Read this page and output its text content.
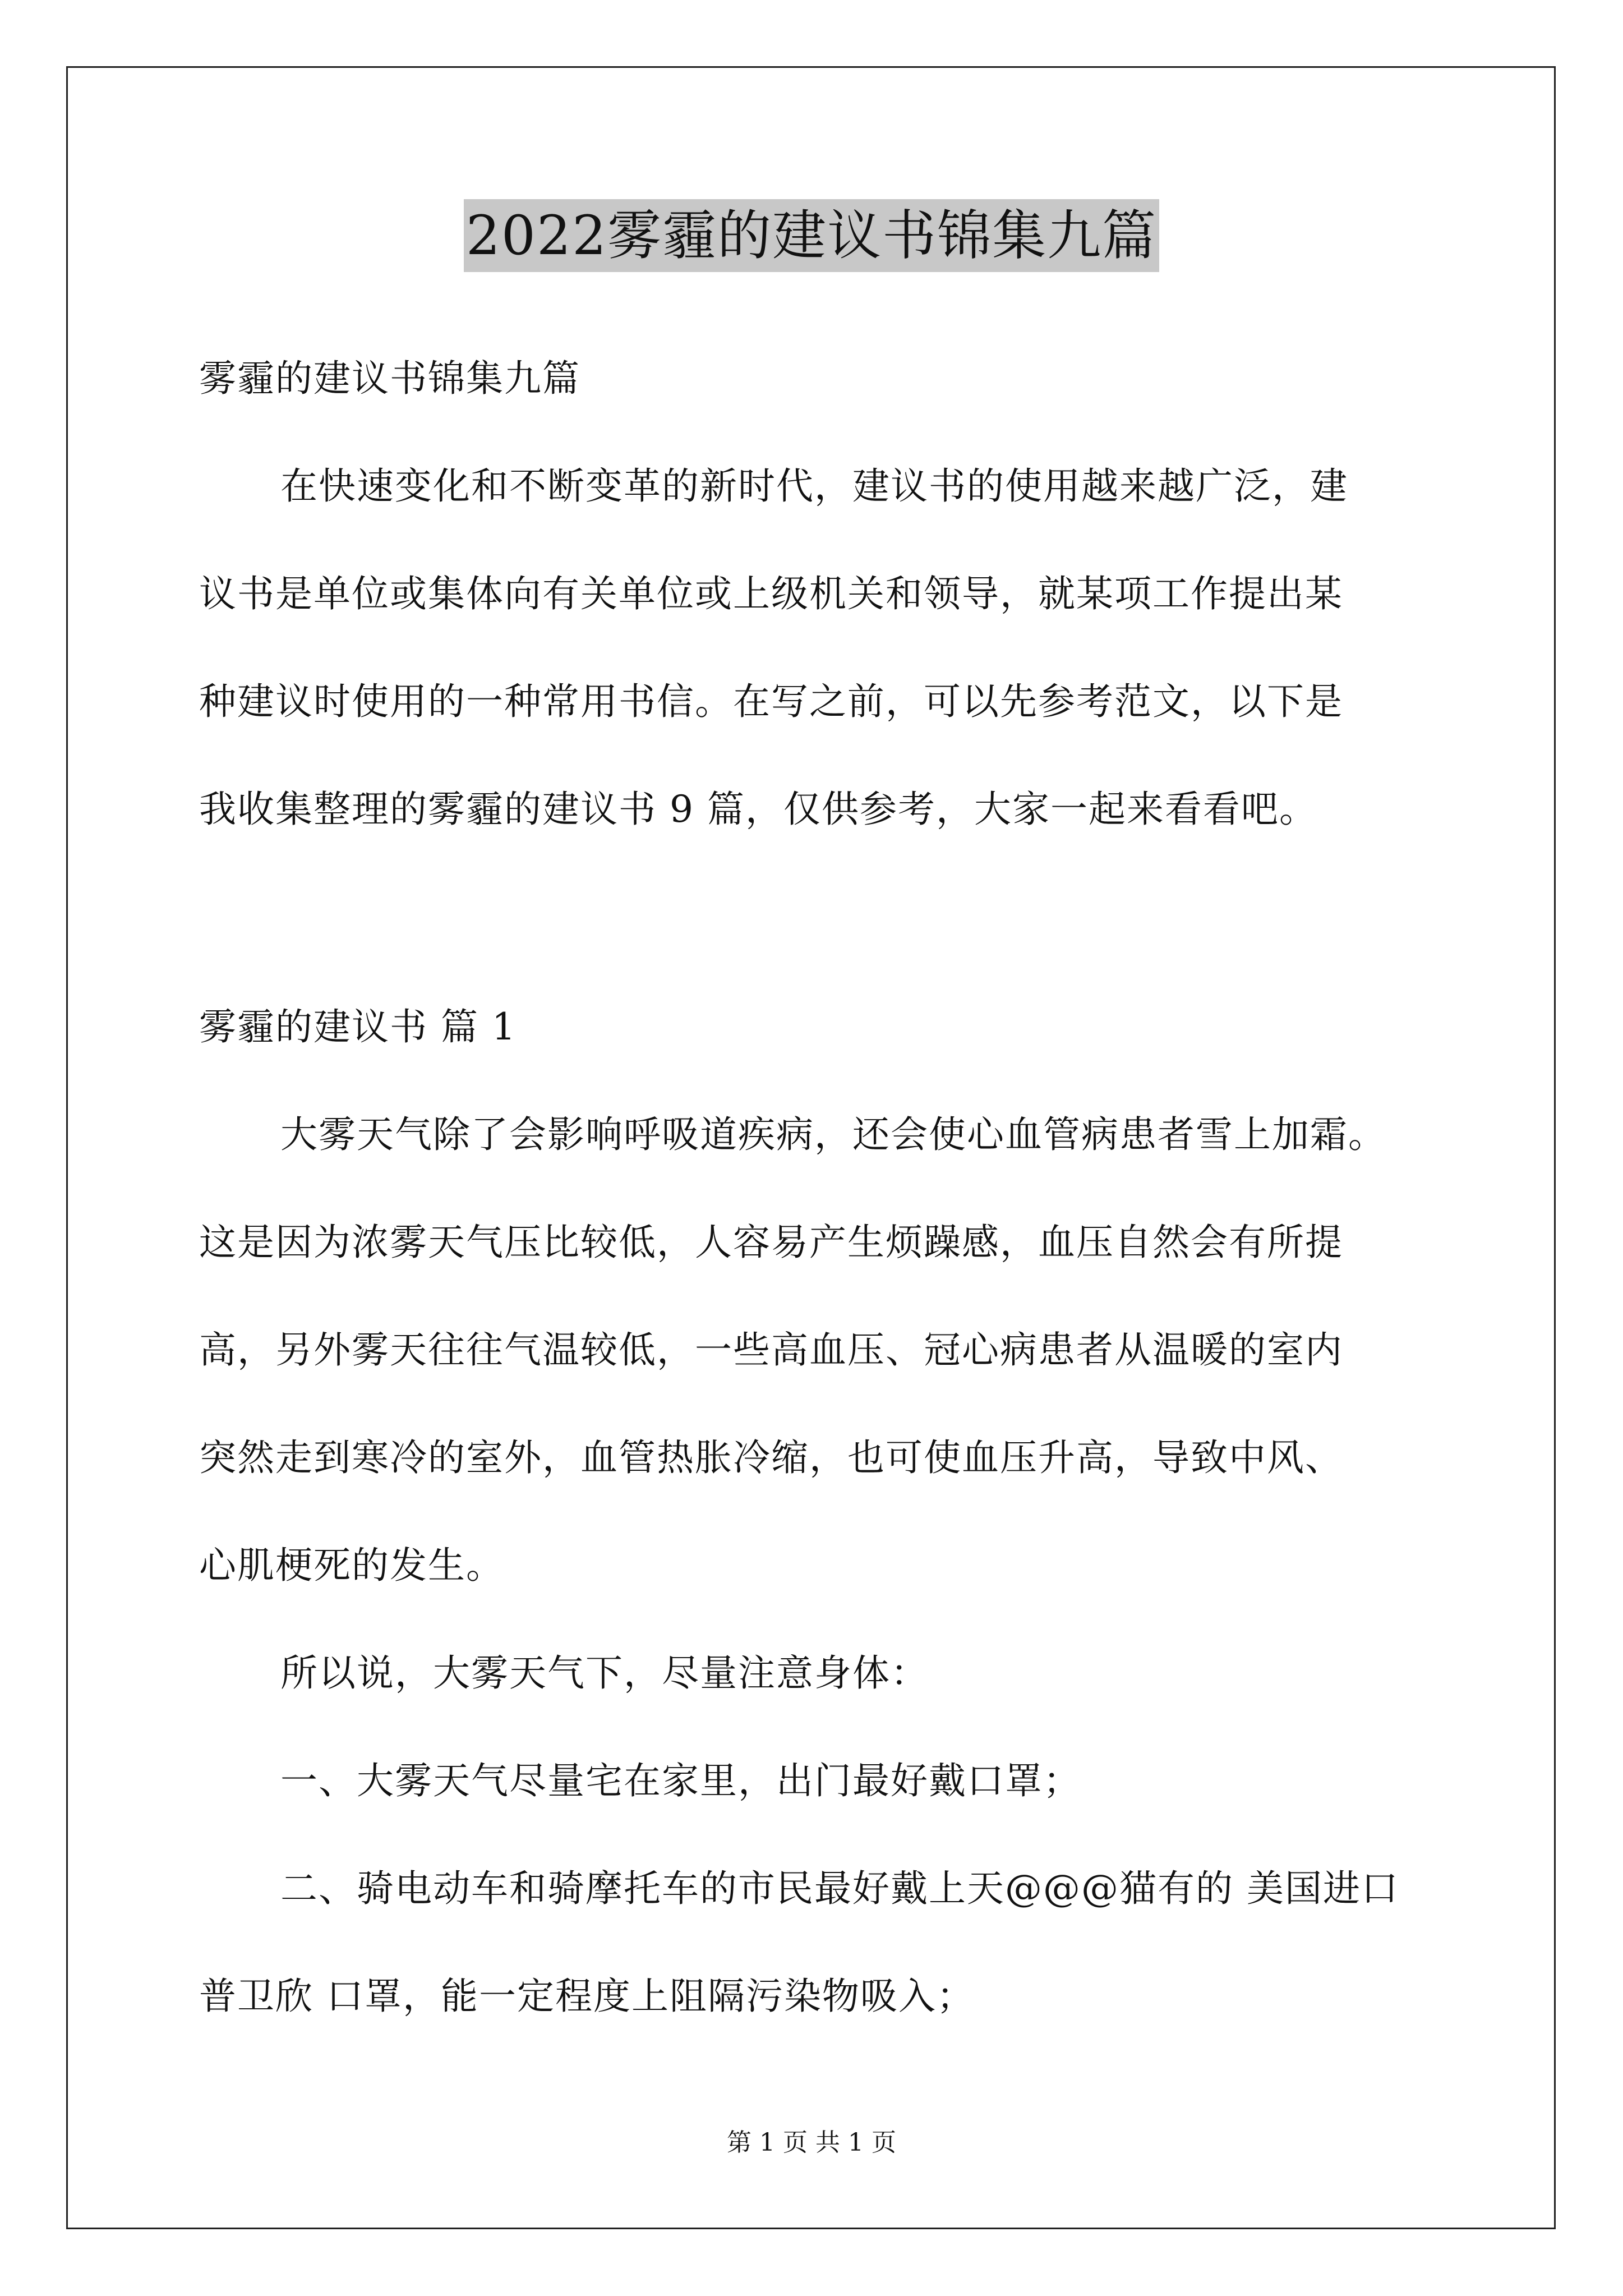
2022雾霾的建议书锦集九篇

雾霾的建议书锦集九篇

在快速变化和不断变革的新时代，建议书的使用越来越广泛，建

议书是单位或集体向有关单位或上级机关和领导，就某项工作提出某

种建议时使用的一种常用书信。在写之前，可以先参考范文，以下是

我收集整理的雾霾的建议书 9 篇，仅供参考，大家一起来看看吧。

雾霾的建议书 篇 1

大雾天气除了会影响呼吸道疾病，还会使心血管病患者雪上加霜。

这是因为浓雾天气压比较低，人容易产生烦躁感，血压自然会有所提

高，另外雾天往往气温较低，一些高血压、冠心病患者从温暖的室内

突然走到寒冷的室外，血管热胀冷缩，也可使血压升高，导致中风、

心肌梗死的发生。

所以说，大雾天气下，尽量注意身体：

一、大雾天气尽量宅在家里，出门最好戴口罩；

二、骑电动车和骑摩托车的市民最好戴上天@@@猫有的 美国进口

普卫欣 口罩，能一定程度上阻隔污染物吸入；

第 1 页 共 1 页
